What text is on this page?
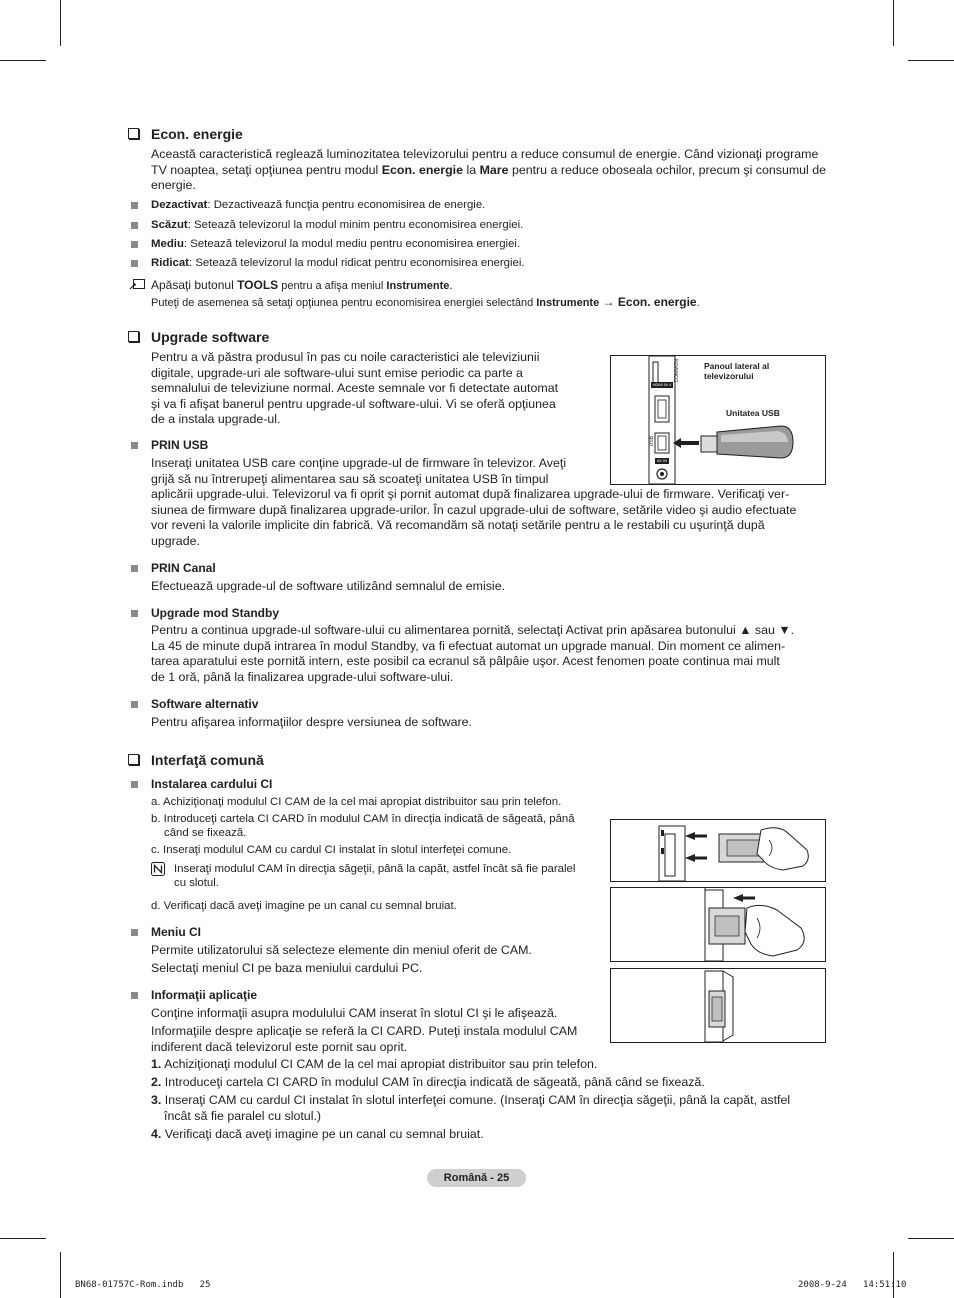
Econ. energie
Această caracteristică reglează luminozitatea televizorului pentru a reduce consumul de energie. Când vizionaţi programe TV noaptea, setaţi opţiunea pentru modul Econ. energie la Mare pentru a reduce oboseala ochilor, precum şi consumul de energie.
Dezactivat: Dezactivează funcţia pentru economisirea de energie.
Scăzut: Setează televizorul la modul minim pentru economisirea energiei.
Mediu: Setează televizorul la modul mediu pentru economisirea energiei.
Ridicat: Setează televizorul la modul ridicat pentru economisirea energiei.
Apăsaţi butonul TOOLS pentru a afişa meniul Instrumente.
Puteţi de asemenea să setaţi opţiunea pentru economisirea energiei selectând Instrumente → Econ. energie.
Upgrade software
Pentru a vă păstra produsul în pas cu noile caracteristici ale televiziunii
digitale, upgrade-uri ale software-ului sunt emise periodic ca parte a
semnalului de televiziune normal. Aceste semnale vor fi detectate automat
şi va fi afişat banerul pentru upgrade-ul software-ului. Vi se oferă opţiunea
de a instala upgrade-ul.
COMMON
HDMI IN 4
USB
AV IN
Panoul lateral al
televizorului
Unitatea USB
PRIN USB
Inseraţi unitatea USB care conţine upgrade-ul de firmware în televizor. Aveţi
grijă să nu întrerupeţi alimentarea sau să scoateţi unitatea USB în timpul
aplicării upgrade-ului. Televizorul va fi oprit şi pornit automat după finalizarea upgrade-ului de firmware. Verificaţi ver-
siunea de firmware după finalizarea upgrade-urilor. În cazul upgrade-ului de software, setările video şi audio efectuate
vor reveni la valorile implicite din fabrică. Vă recomandăm să notaţi setările pentru a le restabili cu uşurinţă după
upgrade.
PRIN Canal
Efectuează upgrade-ul de software utilizând semnalul de emisie.
Upgrade mod Standby
Pentru a continua upgrade-ul software-ului cu alimentarea pornită, selectaţi Activat prin apăsarea butonului ▲ sau ▼.
La 45 de minute după intrarea în modul Standby, va fi efectuat automat un upgrade manual. Din moment ce alimen-
tarea aparatului este pornită intern, este posibil ca ecranul să pâlpâie uşor. Acest fenomen poate continua mai mult
de 1 oră, până la finalizarea upgrade-ului software-ului.
Software alternativ
Pentru afişarea informaţiilor despre versiunea de software.
Interfaţă comună
Instalarea cardului CI
a. Achiziţionaţi modulul CI CAM de la cel mai apropiat distribuitor sau prin telefon.
b. Introduceţi cartela CI CARD în modulul CAM în direcţia indicată de săgeată, până
când se fixează.
c. Inseraţi modulul CAM cu cardul CI instalat în slotul interfeţei comune.
Inseraţi modulul CAM în direcţia săgeţii, până la capăt, astfel încât să fie paralel
cu slotul.
d. Verificaţi dacă aveţi imagine pe un canal cu semnal bruiat.
Meniu CI
Permite utilizatorului să selecteze elemente din meniul oferit de CAM.
Selectaţi meniul CI pe baza meniului cardului PC.
Informaţii aplicaţie
Conţine informaţii asupra modulului CAM inserat în slotul CI şi le afişează.
Informaţiile despre aplicaţie se referă la CI CARD. Puteţi instala modulul CAM
indiferent dacă televizorul este pornit sau oprit.
1. Achiziţionaţi modulul CI CAM de la cel mai apropiat distribuitor sau prin telefon.
2. Introduceţi cartela CI CARD în modulul CAM în direcţia indicată de săgeată, până când se fixează.
3. Inseraţi CAM cu cardul CI instalat în slotul interfeţei comune. (Inseraţi CAM în direcţia săgeţii, până la capăt, astfel
încât să fie paralel cu slotul.)
4. Verificaţi dacă aveţi imagine pe un canal cu semnal bruiat.
Română - 25
BN68-01757C-Rom.indb   25	2008-9-24   14:51:10
